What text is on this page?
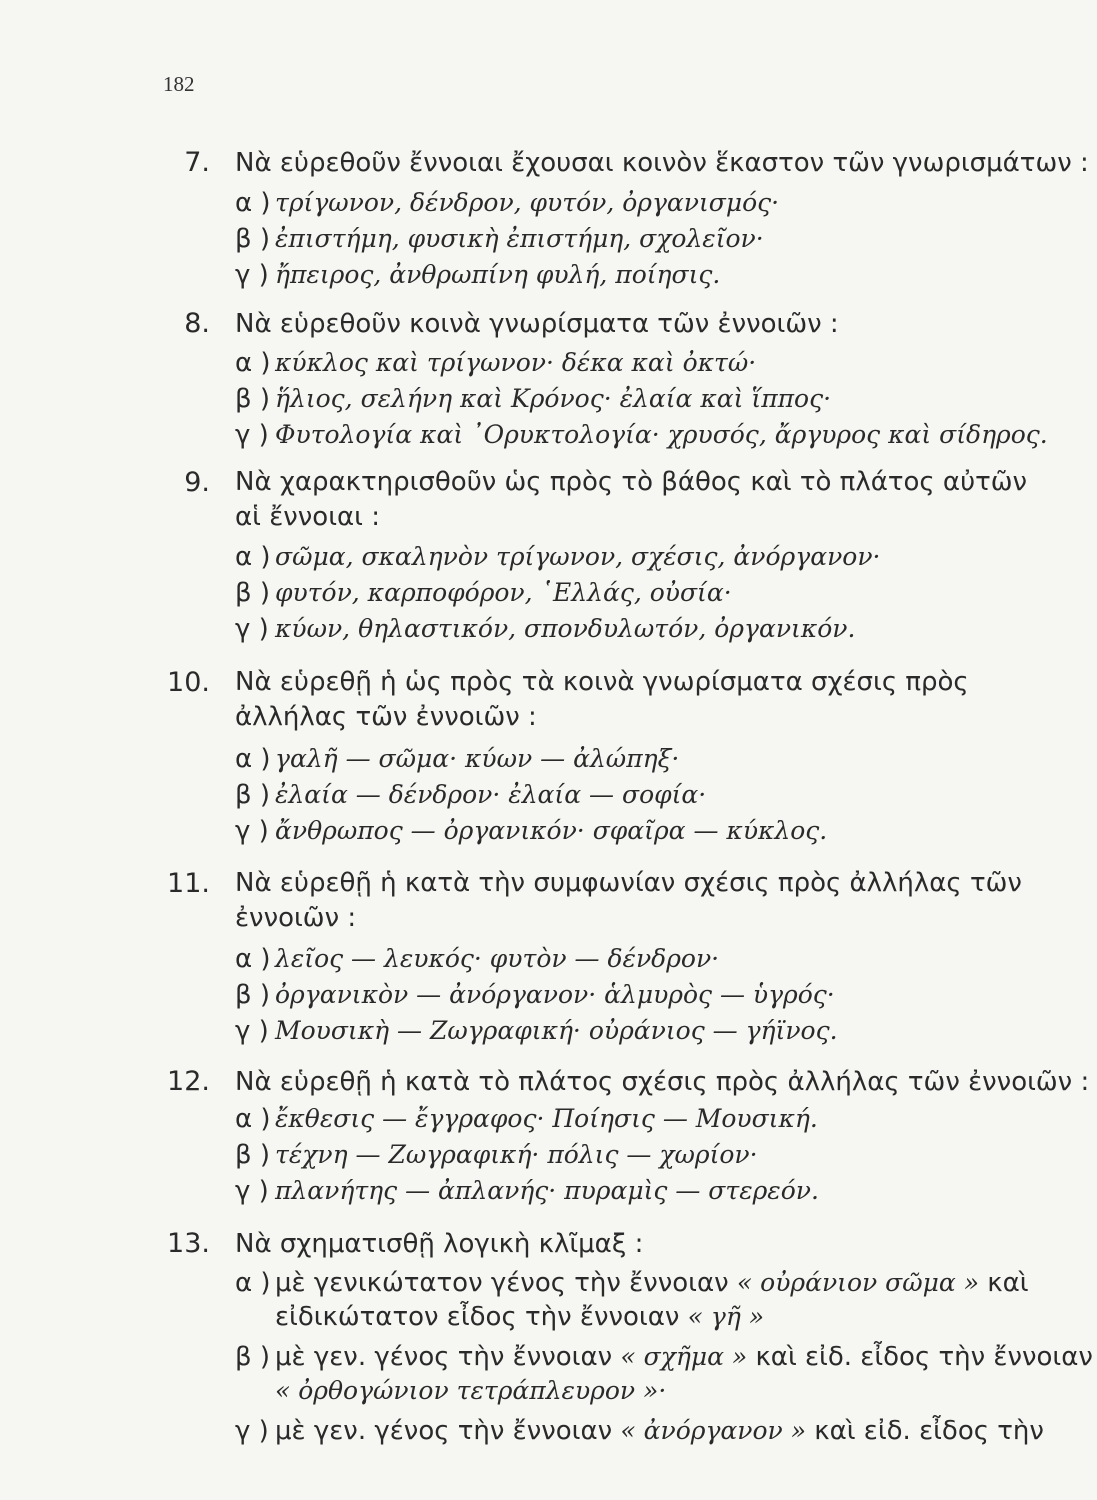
182
7. Νὰ εὑρεθοῦν ἔννοιαι ἔχουσαι κοινὸν ἕκαστον τῶν γνωρισμάτων :
α ) τρίγωνον, δένδρον, φυτόν, ὀργανισμός·
β ) ἐπιστήμη, φυσικὴ ἐπιστήμη, σχολεῖον·
γ ) ἤπειρος, ἀνθρωπίνη φυλή, ποίησις.
8. Νὰ εὑρεθοῦν κοινὰ γνωρίσματα τῶν ἐννοιῶν :
α ) κύκλος καὶ τρίγωνον· δέκα καὶ ὀκτώ·
β ) ἥλιος, σελήνη καὶ Κρόνος· ἐλαία καὶ ἵππος·
γ ) Φυτολογία καὶ ᾽Ορυκτολογία· χρυσός, ἄργυρος καὶ σίδηρος.
9. Νὰ χαρακτηρισθοῦν ὡς πρὸς τὸ βάθος καὶ τὸ πλάτος αὐτῶν αἱ ἔννοιαι :
α ) σῶμα, σκαληνὸν τρίγωνον, σχέσις, ἀνόργανον·
β ) φυτόν, καρποφόρον, ῾Ελλάς, οὐσία·
γ ) κύων, θηλαστικόν, σπονδυλωτόν, ὀργανικόν.
10. Νὰ εὑρεθῇ ἡ ὡς πρὸς τὰ κοινὰ γνωρίσματα σχέσις πρὸς ἀλλήλας τῶν ἐννοιῶν :
α ) γαλῆ — σῶμα· κύων — ἀλώπηξ·
β ) ἐλαία — δένδρον· ἐλαία — σοφία·
γ ) ἄνθρωπος — ὀργανικόν· σφαῖρα — κύκλος.
11. Νὰ εὑρεθῇ ἡ κατὰ τὴν συμφωνίαν σχέσις πρὸς ἀλλήλας τῶν ἐννοιῶν :
α ) λεῖος — λευκός· φυτὸν — δένδρον·
β ) ὀργανικὸν — ἀνόργανον· ἁλμυρὸς — ὑγρός·
γ ) Μουσικὴ — Ζωγραφική· οὐράνιος — γήϊνος.
12. Νὰ εὑρεθῇ ἡ κατὰ τὸ πλάτος σχέσις πρὸς ἀλλήλας τῶν ἐννοιῶν :
α ) ἔκθεσις — ἔγγραφος· Ποίησις — Μουσική.
β ) τέχνη — Ζωγραφική· πόλις — χωρίον·
γ ) πλανήτης — ἀπλανής· πυραμὶς — στερεόν.
13. Νὰ σχηματισθῇ λογικὴ κλῖμαξ :
α ) μὲ γενικώτατον γένος τὴν ἔννοιαν « οὐράνιον σῶμα » καὶ
εἰδικώτατον εἶδος τὴν ἔννοιαν « γῆ »
β ) μὲ γεν. γένος τὴν ἔννοιαν « σχῆμα » καὶ εἰδ. εἶδος τὴν ἔννοιαν
« ὀρθογώνιον τετράπλευρον »·
γ ) μὲ γεν. γένος τὴν ἔννοιαν « ἀνόργανον » καὶ εἰδ. εἶδος τὴν
